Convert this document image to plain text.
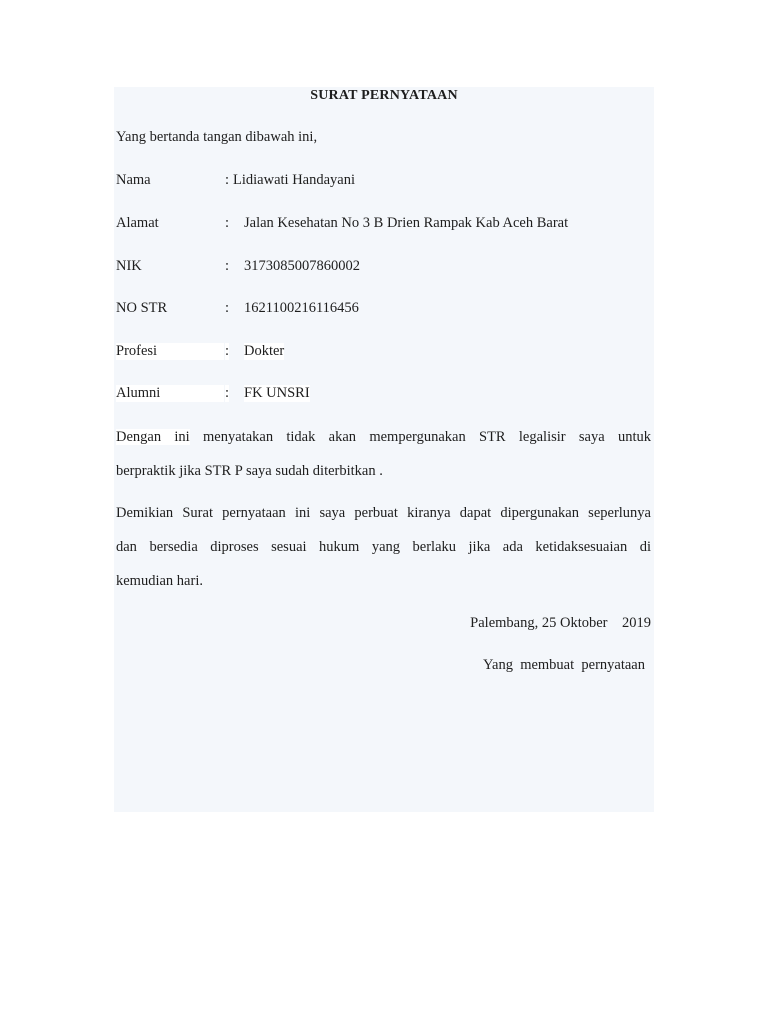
SURAT PERNYATAAN
Yang bertanda tangan dibawah ini,
Nama	: Lidiawati Handayani
Alamat	: Jalan Kesehatan No 3 B Drien Rampak Kab Aceh Barat
NIK	: 3173085007860002
NO STR	: 1621100216116456
Profesi	: Dokter
Alumni	: FK UNSRI
Dengan ini menyatakan tidak akan mempergunakan STR legalisir saya untuk
berpraktik jika STR P saya sudah diterbitkan .
Demikian Surat pernyataan ini saya perbuat kiranya dapat dipergunakan seperlunya
dan bersedia diproses sesuai hukum yang berlaku jika ada ketidaksesuaian di
kemudian hari.
Palembang, 25 Oktober    2019
Yang  membuat  pernyataan
